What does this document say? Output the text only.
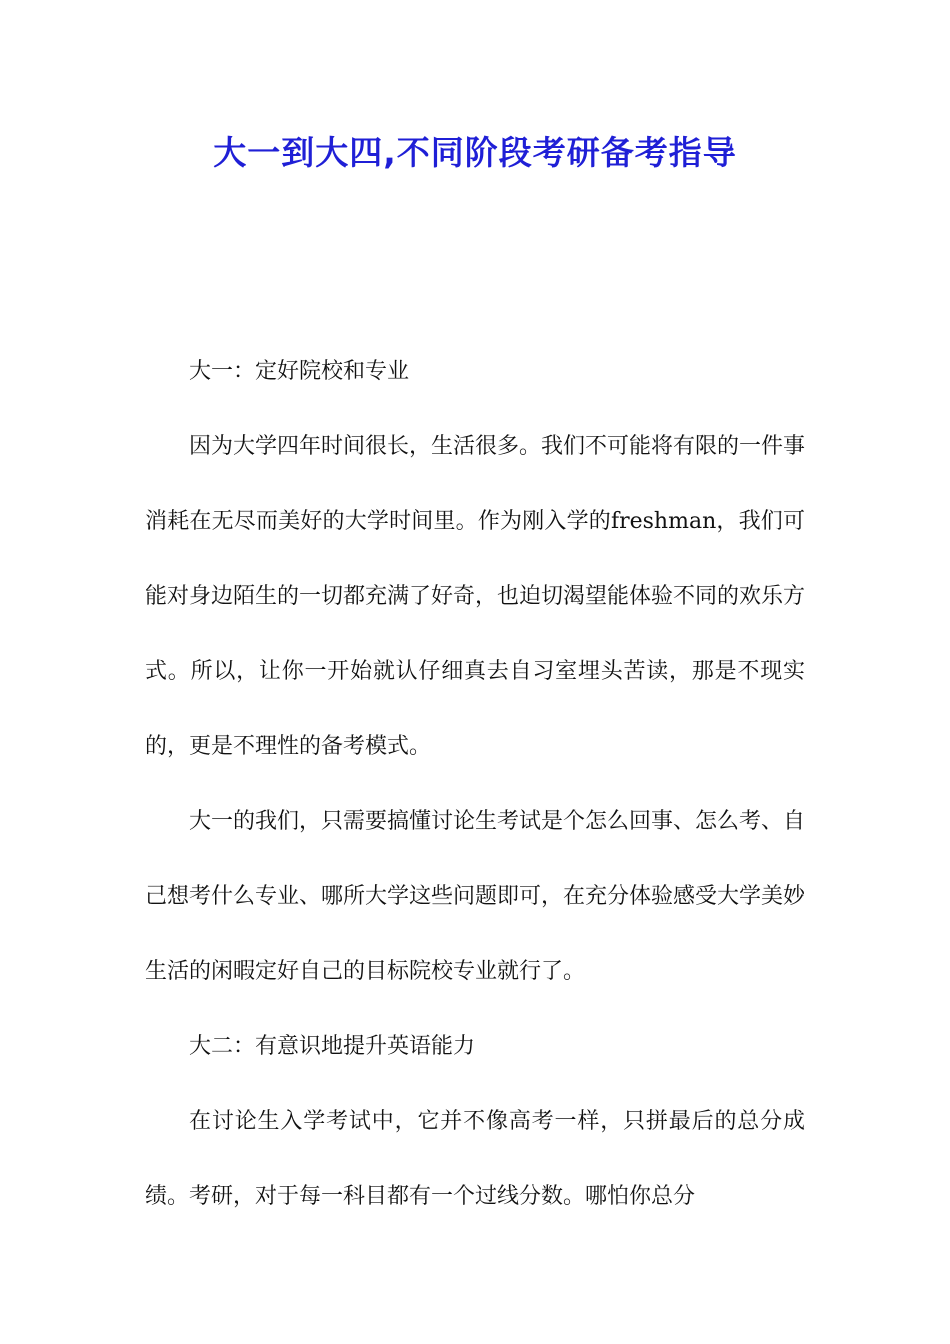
大一到大四,不同阶段考研备考指导

大一：定好院校和专业

因为大学四年时间很长，生活很多。我们不可能将有限的一件事消耗在无尽而美好的大学时间里。作为刚入学的freshman，我们可能对身边陌生的一切都充满了好奇，也迫切渴望能体验不同的欢乐方式。所以，让你一开始就认仔细真去自习室埋头苦读，那是不现实的，更是不理性的备考模式。

大一的我们，只需要搞懂讨论生考试是个怎么回事、怎么考、自己想考什么专业、哪所大学这些问题即可，在充分体验感受大学美妙生活的闲暇定好自己的目标院校专业就行了。

大二：有意识地提升英语能力

在讨论生入学考试中，它并不像高考一样，只拼最后的总分成绩。考研，对于每一科目都有一个过线分数。哪怕你总分
